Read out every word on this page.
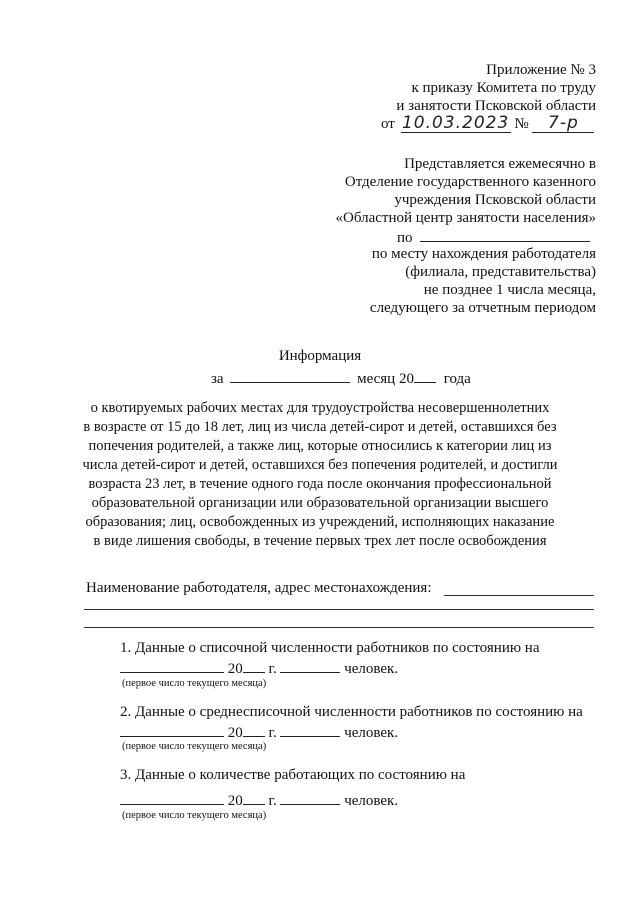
Приложение № 3
к приказу Комитета по труду
и занятости Псковской области
от 10.03.2023 № 7-р
Представляется ежемесячно в
Отделение государственного казенного
учреждения Псковской области
«Областной центр занятости населения»
по
по месту нахождения работодателя
(филиала, представительства)
не позднее 1 числа месяца,
следующего за отчетным периодом
Информация
за	месяц 20 года
о квотируемых рабочих местах для трудоустройства несовершеннолетних
в возрасте от 15 до 18 лет, лиц из числа детей-сирот и детей, оставшихся без
попечения родителей, а также лиц, которые относились к категории лиц из
числа детей-сирот и детей, оставшихся без попечения родителей, и достигли
возраста 23 лет, в течение одного года после окончания профессиональной
образовательной организации или образовательной организации высшего
образования; лиц, освобожденных из учреждений, исполняющих наказание
в виде лишения свободы, в течение первых трех лет после освобождения
Наименование работодателя, адрес местонахождения:
1. Данные о списочной численности работников по состоянию на
20 г.	человек.
(первое число текущего месяца)
2. Данные о среднесписочной численности работников по состоянию на
20 г.	человек.
(первое число текущего месяца)
3. Данные о количестве работающих по состоянию на
20 г.	человек.
(первое число текущего месяца)
